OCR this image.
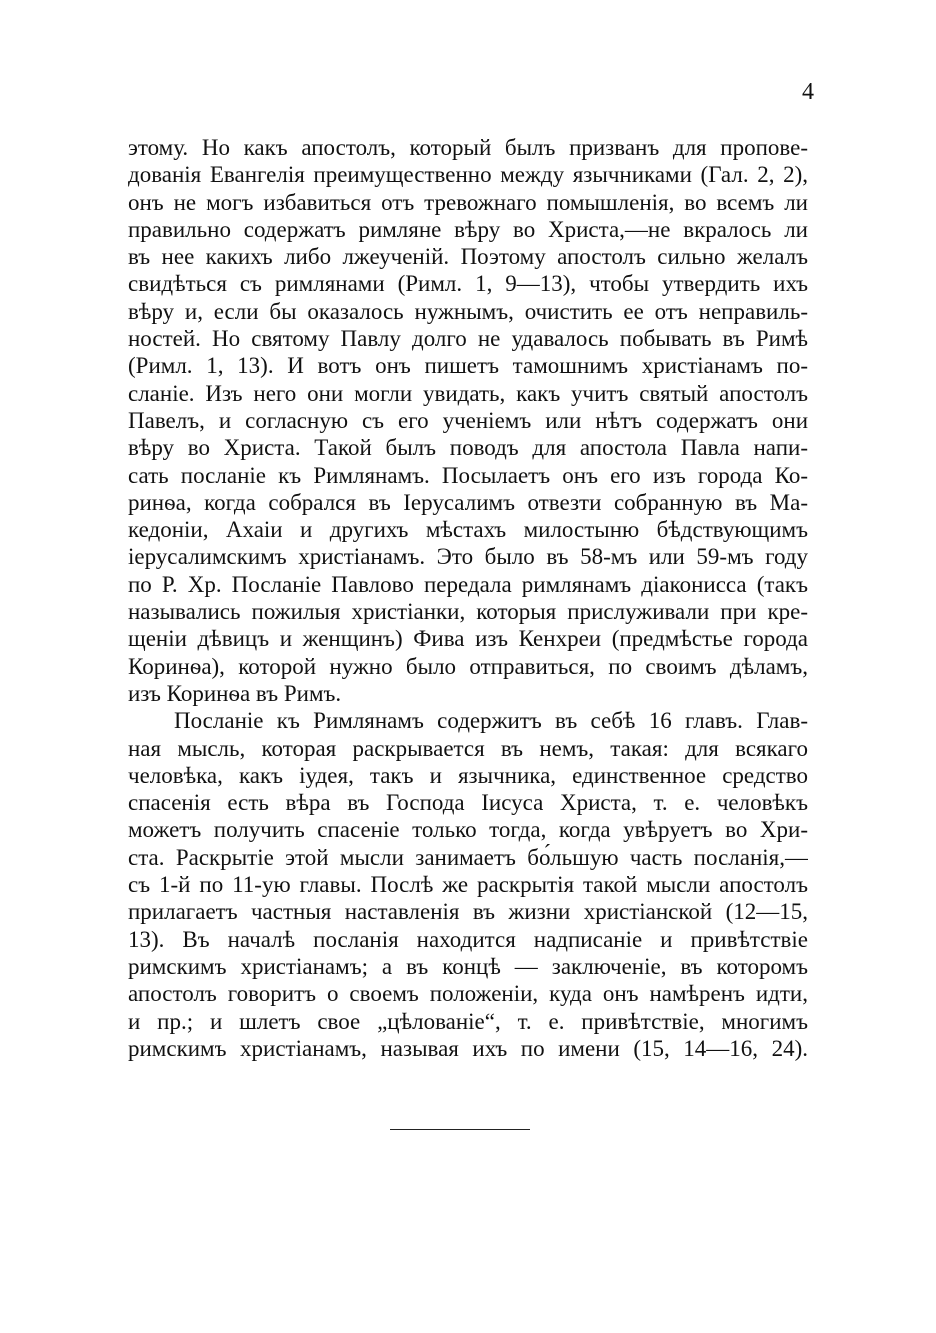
4
этому. Но какъ апостолъ, который былъ призванъ для пропове-
дованія Евангелія преимущественно между язычниками (Гал. 2, 2),
онъ не могъ избавиться отъ тревожнаго помышленія, во всемъ ли
правильно содержатъ римляне вѣру во Христа,—не вкралось ли
въ нее какихъ либо лжеученій. Поэтому апостолъ сильно желалъ
свидѣться съ римлянами (Римл. 1, 9—13), чтобы утвердить ихъ
вѣру и, если бы оказалось нужнымъ, очистить ее отъ неправиль-
ностей. Но святому Павлу долго не удавалось побывать въ Римѣ
(Римл. 1, 13). И вотъ онъ пишетъ тамошнимъ христіанамъ по-
сланіе. Изъ него они могли увидать, какъ учитъ святый апостолъ
Павелъ, и согласную съ его ученіемъ или нѣтъ содержатъ они
вѣру во Христа. Такой былъ поводъ для апостола Павла напи-
сать посланіе къ Римлянамъ. Посылаетъ онъ его изъ города Ко-
ринѳа, когда собрался въ Іерусалимъ отвезти собранную въ Ма-
кедоніи, Ахаіи и другихъ мѣстахъ милостыню бѣдствующимъ
іерусалимскимъ христіанамъ. Это было въ 58-мъ или 59-мъ году
по Р. Хр. Посланіе Павлово передала римлянамъ діакониcса (такъ
назывались пожилыя христіанки, которыя прислуживали при кре-
щеніи дѣвицъ и женщинъ) Фива изъ Кенхреи (предмѣстье города
Коринѳа), которой нужно было отправиться, по своимъ дѣламъ,
изъ Коринѳа въ Римъ.
Посланіе къ Римлянамъ содержитъ въ себѣ 16 главъ. Глав-
ная мысль, которая раскрывается въ немъ, такая: для всякаго
человѣка, какъ іудея, такъ и язычника, единственное средство
спасенія есть вѣра въ Господа Іисуса Христа, т. е. человѣкъ
можетъ получить спасеніе только тогда, когда увѣруетъ во Хри-
ста. Раскрытіе этой мысли занимаетъ бо́льшую часть посланія,—
съ 1-й по 11-ую главы. Послѣ же раскрытія такой мысли апостолъ
прилагаетъ частныя наставленія въ жизни христіанской (12—15,
13). Въ началѣ посланія находится надписаніе и привѣтствіе
римскимъ христіанамъ; а въ концѣ — заключеніе, въ которомъ
апостолъ говоритъ о своемъ положеніи, куда онъ намѣренъ идти,
и пр.; и шлетъ свое „цѣлованіе“, т. е. привѣтствіе, многимъ
римскимъ христіанамъ, называя ихъ по имени (15, 14—16, 24).
